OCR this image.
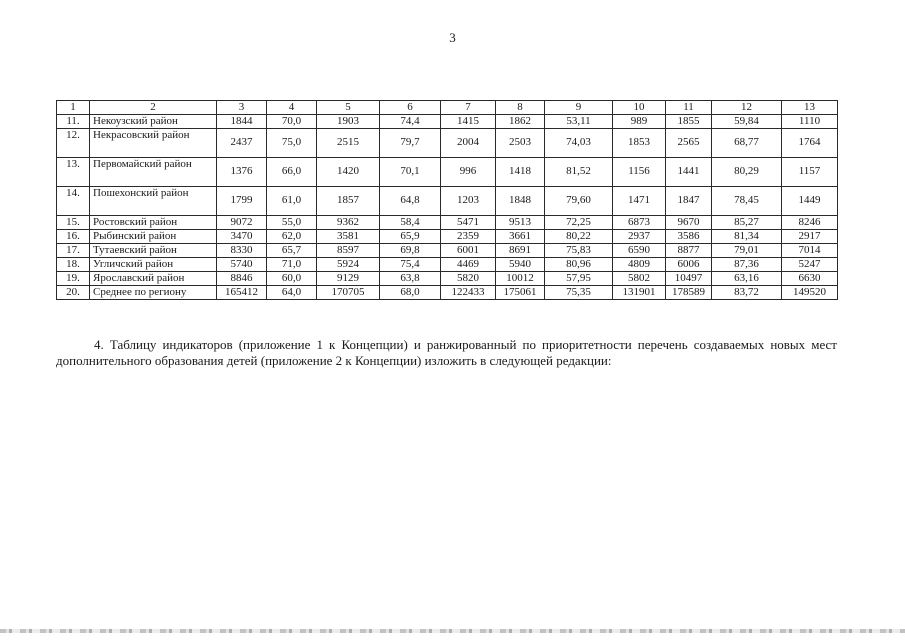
3
1	2	3	4	5	6	7	8	9	10	11	12	13
11.	Некоузский район	1844	70,0	1903	74,4	1415	1862	53,11	989	1855	59,84	1110
12.	Некрасовский район	2437	75,0	2515	79,7	2004	2503	74,03	1853	2565	68,77	1764
13.	Первомайский район	1376	66,0	1420	70,1	996	1418	81,52	1156	1441	80,29	1157
14.	Пошехонский район	1799	61,0	1857	64,8	1203	1848	79,60	1471	1847	78,45	1449
15.	Ростовский район	9072	55,0	9362	58,4	5471	9513	72,25	6873	9670	85,27	8246
16.	Рыбинский район	3470	62,0	3581	65,9	2359	3661	80,22	2937	3586	81,34	2917
17.	Тутаевский район	8330	65,7	8597	69,8	6001	8691	75,83	6590	8877	79,01	7014
18.	Угличский район	5740	71,0	5924	75,4	4469	5940	80,96	4809	6006	87,36	5247
19.	Ярославский район	8846	60,0	9129	63,8	5820	10012	57,95	5802	10497	63,16	6630
20.	Среднее по региону	165412	64,0	170705	68,0	122433	175061	75,35	131901	178589	83,72	149520
4. Таблицу индикаторов (приложение 1 к Концепции) и ранжированный по приоритетности перечень создаваемых новых мест дополнительного образования детей (приложение 2 к Концепции) изложить в следующей редакции:
